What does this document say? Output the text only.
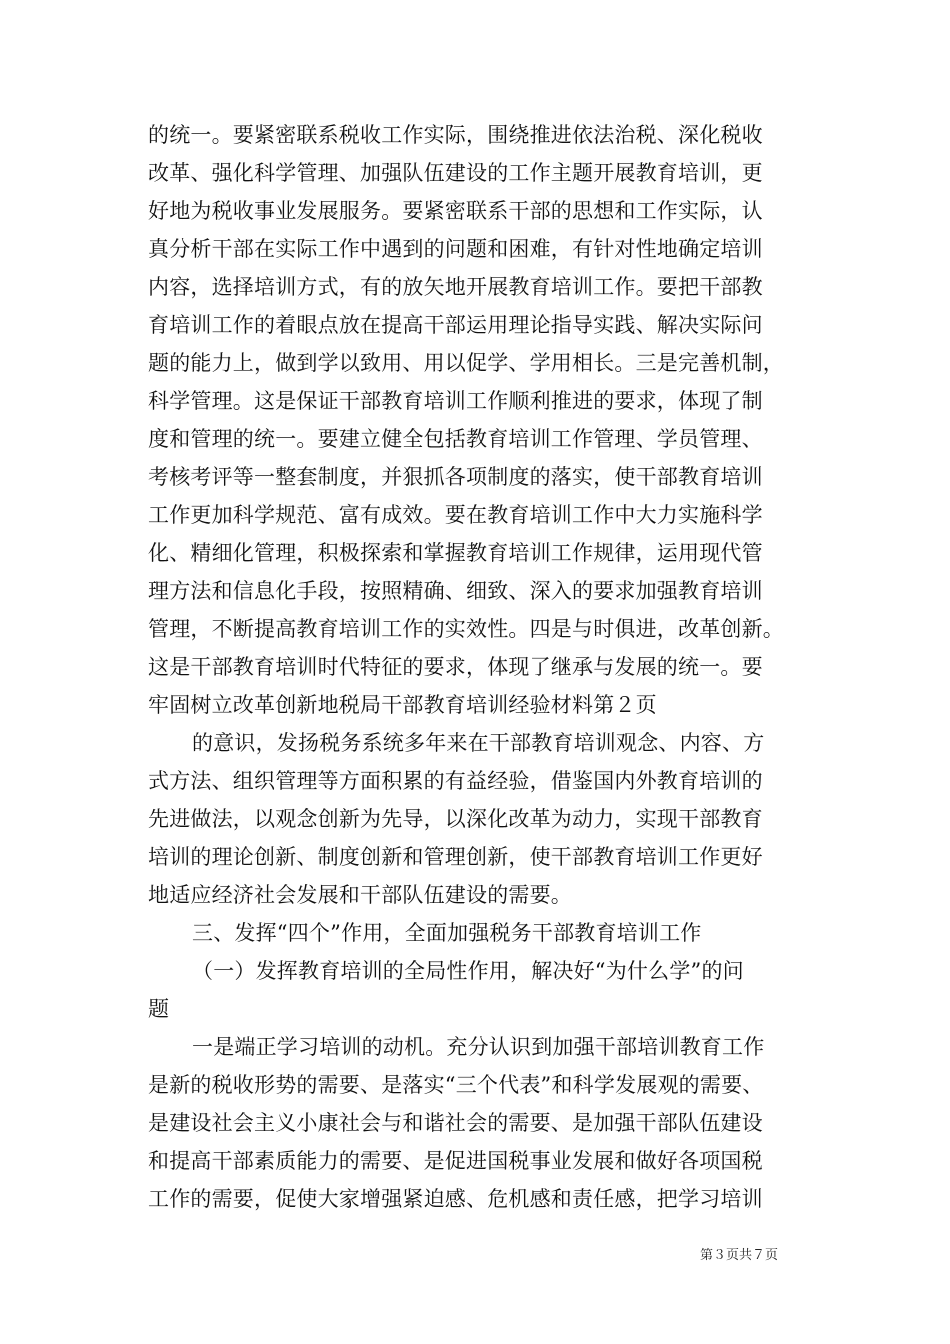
的统一。要紧密联系税收工作实际，围绕推进依法治税、深化税收
改革、强化科学管理、加强队伍建设的工作主题开展教育培训，更
好地为税收事业发展服务。要紧密联系干部的思想和工作实际，认
真分析干部在实际工作中遇到的问题和困难，有针对性地确定培训
内容，选择培训方式，有的放矢地开展教育培训工作。要把干部教
育培训工作的着眼点放在提高干部运用理论指导实践、解决实际问
题的能力上，做到学以致用、用以促学、学用相长。三是完善机制，
科学管理。这是保证干部教育培训工作顺利推进的要求，体现了制
度和管理的统一。要建立健全包括教育培训工作管理、学员管理、
考核考评等一整套制度，并狠抓各项制度的落实，使干部教育培训
工作更加科学规范、富有成效。要在教育培训工作中大力实施科学
化、精细化管理，积极探索和掌握教育培训工作规律，运用现代管
理方法和信息化手段，按照精确、细致、深入的要求加强教育培训
管理，不断提高教育培训工作的实效性。四是与时俱进，改革创新。
这是干部教育培训时代特征的要求，体现了继承与发展的统一。要
牢固树立改革创新地税局干部教育培训经验材料第２页
的意识，发扬税务系统多年来在干部教育培训观念、内容、方
式方法、组织管理等方面积累的有益经验，借鉴国内外教育培训的
先进做法，以观念创新为先导，以深化改革为动力，实现干部教育
培训的理论创新、制度创新和管理创新，使干部教育培训工作更好
地适应经济社会发展和干部队伍建设的需要。
三、发挥“四个”作用，全面加强税务干部教育培训工作
（一）发挥教育培训的全局性作用，解决好“为什么学”的问
题
一是端正学习培训的动机。充分认识到加强干部培训教育工作
是新的税收形势的需要、是落实“三个代表”和科学发展观的需要、
是建设社会主义小康社会与和谐社会的需要、是加强干部队伍建设
和提高干部素质能力的需要、是促进国税事业发展和做好各项国税
工作的需要，促使大家增强紧迫感、危机感和责任感，把学习培训
第３页共７页
